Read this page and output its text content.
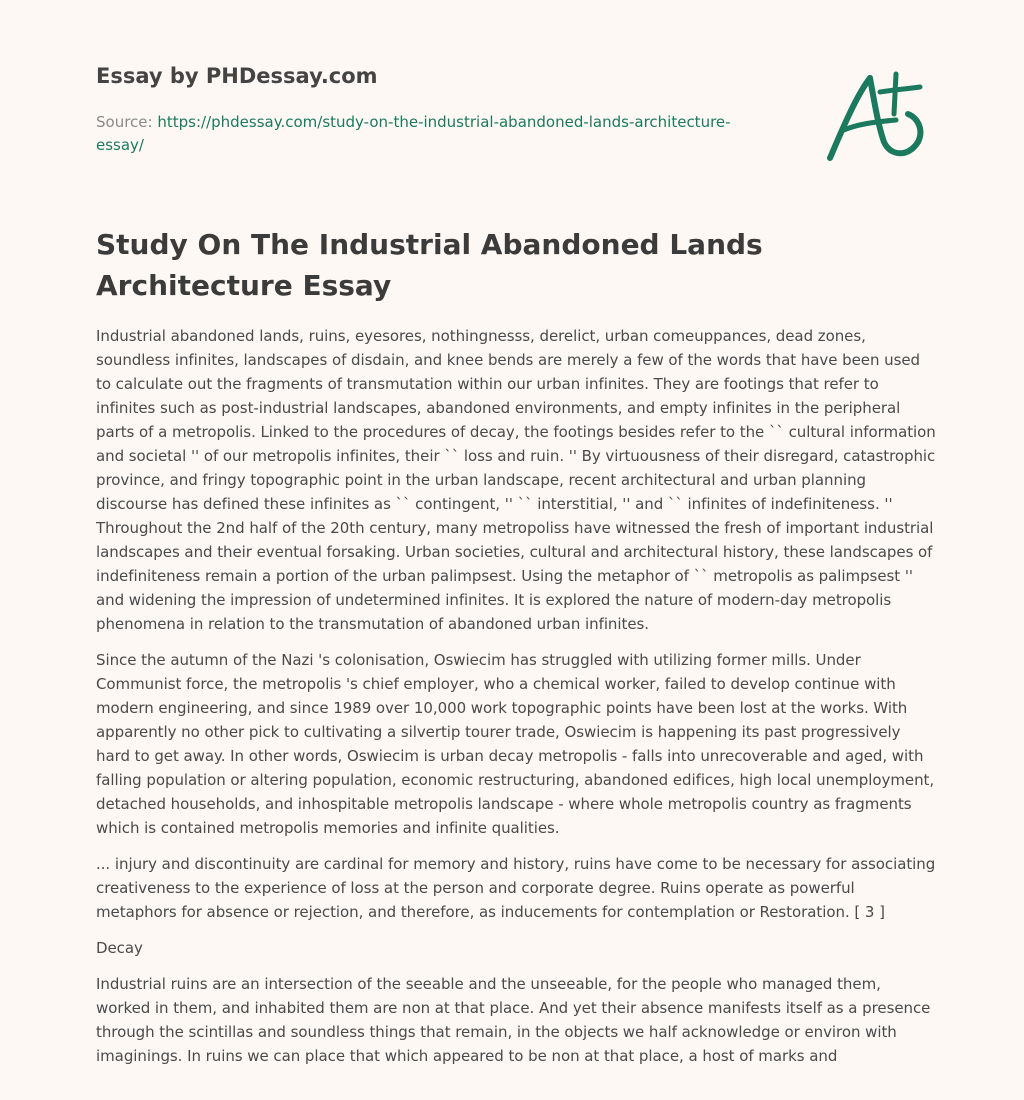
Essay by PHDessay.com
Source: https://phdessay.com/study-on-the-industrial-abandoned-lands-architecture-essay/
Study On The Industrial Abandoned Lands Architecture Essay

Industrial abandoned lands, ruins, eyesores, nothingnesss, derelict, urban comeuppances, dead zones, soundless infinites, landscapes of disdain, and knee bends are merely a few of the words that have been used to calculate out the fragments of transmutation within our urban infinites. They are footings that refer to infinites such as post-industrial landscapes, abandoned environments, and empty infinites in the peripheral parts of a metropolis. Linked to the procedures of decay, the footings besides refer to the `` cultural information and societal '' of our metropolis infinites, their `` loss and ruin. '' By virtuousness of their disregard, catastrophic province, and fringy topographic point in the urban landscape, recent architectural and urban planning discourse has defined these infinites as `` contingent, '' `` interstitial, '' and `` infinites of indefiniteness. '' Throughout the 2nd half of the 20th century, many metropoliss have witnessed the fresh of important industrial landscapes and their eventual forsaking. Urban societies, cultural and architectural history, these landscapes of indefiniteness remain a portion of the urban palimpsest. Using the metaphor of `` metropolis as palimpsest '' and widening the impression of undetermined infinites. It is explored the nature of modern-day metropolis phenomena in relation to the transmutation of abandoned urban infinites.

Since the autumn of the Nazi 's colonisation, Oswiecim has struggled with utilizing former mills. Under Communist force, the metropolis 's chief employer, who a chemical worker, failed to develop continue with modern engineering, and since 1989 over 10,000 work topographic points have been lost at the works. With apparently no other pick to cultivating a silvertip tourer trade, Oswiecim is happening its past progressively hard to get away. In other words, Oswiecim is urban decay metropolis - falls into unrecoverable and aged, with falling population or altering population, economic restructuring, abandoned edifices, high local unemployment, detached households, and inhospitable metropolis landscape - where whole metropolis country as fragments which is contained metropolis memories and infinite qualities.

... injury and discontinuity are cardinal for memory and history, ruins have come to be necessary for associating creativeness to the experience of loss at the person and corporate degree. Ruins operate as powerful metaphors for absence or rejection, and therefore, as inducements for contemplation or Restoration. [ 3 ]

Decay

Industrial ruins are an intersection of the seeable and the unseeable, for the people who managed them, worked in them, and inhabited them are non at that place. And yet their absence manifests itself as a presence through the scintillas and soundless things that remain, in the objects we half acknowledge or environ with imaginings. In ruins we can place that which appeared to be non at that place, a host of marks and
